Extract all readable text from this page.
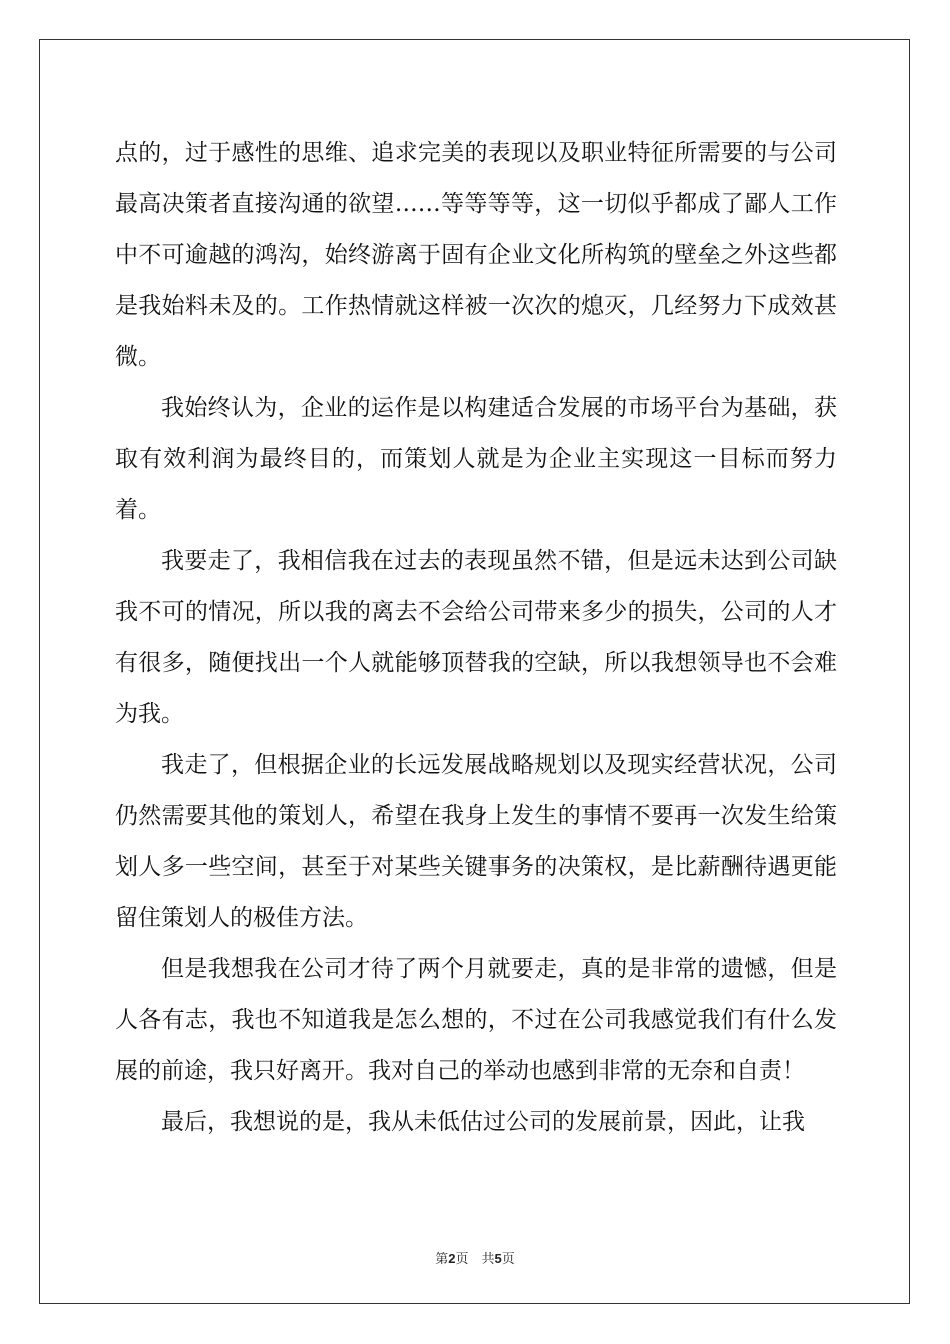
点的，过于感性的思维、追求完美的表现以及职业特征所需要的与公司最高决策者直接沟通的欲望……等等等等，这一切似乎都成了鄙人工作中不可逾越的鸿沟，始终游离于固有企业文化所构筑的壁垒之外这些都是我始料未及的。工作热情就这样被一次次的熄灭，几经努力下成效甚微。

我始终认为，企业的运作是以构建适合发展的市场平台为基础，获取有效利润为最终目的，而策划人就是为企业主实现这一目标而努力着。

我要走了，我相信我在过去的表现虽然不错，但是远未达到公司缺我不可的情况，所以我的离去不会给公司带来多少的损失，公司的人才有很多，随便找出一个人就能够顶替我的空缺，所以我想领导也不会难为我。

我走了，但根据企业的长远发展战略规划以及现实经营状况，公司仍然需要其他的策划人，希望在我身上发生的事情不要再一次发生给策划人多一些空间，甚至于对某些关键事务的决策权，是比薪酬待遇更能留住策划人的极佳方法。

但是我想我在公司才待了两个月就要走，真的是非常的遗憾，但是人各有志，我也不知道我是怎么想的，不过在公司我感觉我们有什么发展的前途，我只好离开。我对自己的举动也感到非常的无奈和自责！

最后，我想说的是，我从未低估过公司的发展前景，因此，让我

第2页　共5页
